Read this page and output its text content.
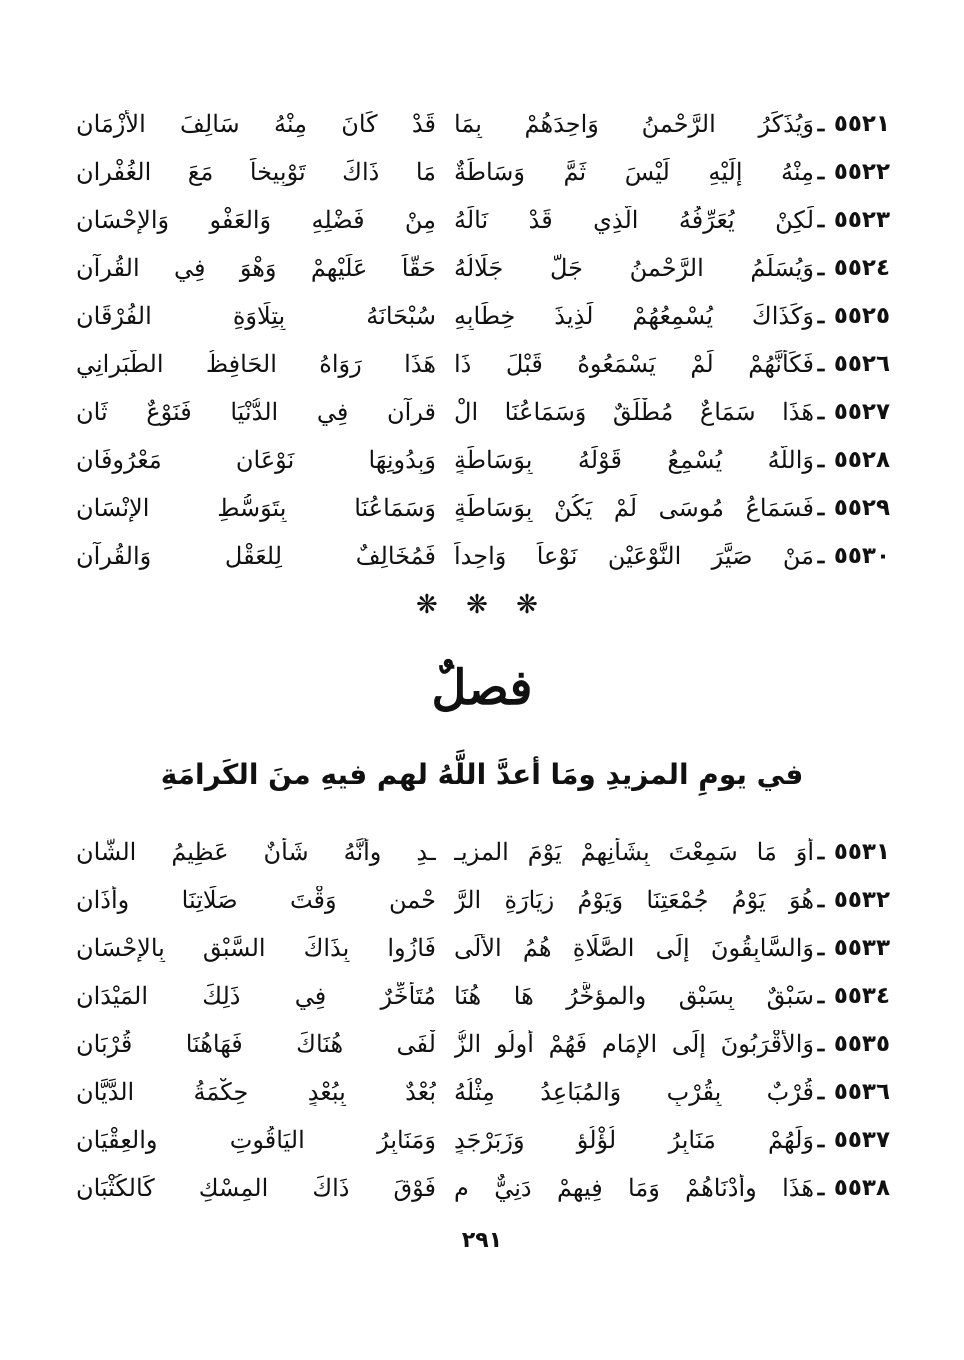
٥٥٢١
ـ
وَيُذَكِّرُ الرَّحْمنُ وَاحِدَهُمْ بِمَا
قَدْ كَانَ مِنْهُ سَالِفَ الأزْمَانِ
٥٥٢٢
ـ
مِنْهُ إِلَيْهِ لَيْسَ ثَمَّ وَسَاطَةٌ
مَا ذَاكَ تَوْبِيخاً مَعَ الغُفْرانِ
٥٥٢٣
ـ
لَكِنْ يُعَرِّفُهُ الَّذِي قَدْ نَالَهُ
مِنْ فَضْلِهِ وَالعَفْوِ وَالإحْسَانِ
٥٥٢٤
ـ
وَيُسَلِّمُ الرَّحْمنُ جَلَّ جَلَالُهُ
حَقّاً عَلَيْهِمْ وَهْوَ فِي القُرآنِ
٥٥٢٥
ـ
وَكَذَاكَ يُسْمِعُهُمْ لَذِيذَ خِطَابِهِ
سُبْحَانَهُ بِتِلَاوَةِ الفُرْقَانِ
٥٥٢٦
ـ
فَكَأَنَّهُمْ لَمْ يَسْمَعُوهُ قَبْلَ ذَا
هَذَا رَوَاهُ الحَافِظُ الطَّبَرانِي
٥٥٢٧
ـ
هَذَا سَمَاعٌ مُطْلَقٌ وَسَمَاعُنَا الْ
قرآنِ فِي الدُّنْيَا فَنَوْعٌ ثَانِ
٥٥٢٨
ـ
وَاللَّهُ يُسْمِعُ قَوْلَهُ بِوَسَاطَةٍ
وَبِدُونِهَا نَوْعَانِ مَعْرُوفَانِ
٥٥٢٩
ـ
فَسَمَاعُ مُوسَى لَمْ يَكُنْ بِوَسَاطَةٍ
وَسَمَاعُنَا بِتَوَسُّطِ الإنْسَانِ
٥٥٣٠
ـ
مَنْ صَيَّرَ النَّوْعَيْنِ نَوْعاً وَاحِداً
فَمُخَالِفٌ لِلعَقْلِ وَالقُرآنِ
❋ ❋ ❋
فصلٌ
في يومِ المزيدِ ومَا أعدَّ اللَّهُ لهم فيهِ منَ الكَرامَةِ
٥٥٣١
ـ
أَوَ مَا سَمِعْتَ بِشَأْنِهِمْ يَوْمَ المزيـ
ـدِ وأنَّهُ شَأْنٌ عَظِيمُ الشَّانِ
٥٥٣٢
ـ
هُوَ يَوْمُ جُمْعَتِنَا وَيَوْمُ زِيَارَةِ الرَّ
حْمنِ وَقْتَ صَلَاتِنَا وأذَانِ
٥٥٣٣
ـ
وَالسَّابِقُونَ إِلَى الصَّلَاةِ هُمُ الأُلَى
فَازُوا بِذَاكَ السَّبْقِ بِالإحْسَانِ
٥٥٣٤
ـ
سَبْقٌ بِسَبْقٍ والمؤخَّرُ هَا هُنَا
مُتَأَخِّرٌ فِي ذَلِكَ المَيْدَانِ
٥٥٣٥
ـ
وَالأَقْرَبُونَ إِلَى الإِمَامِ فَهُمْ أولُو الزُّ
لْفَى هُنَاكَ فَهَاهُنَا قُرْبَانِ
٥٥٣٦
ـ
قُرْبٌ بِقُرْبٍ وَالمُبَاعِدُ مِثْلُهُ
بُعْدٌ بِبُعْدٍ حِكْمَةُ الدَّيَّانِ
٥٥٣٧
ـ
وَلَهُمْ مَنَابِرُ لُؤْلُؤٍ وَزَبَرْجَدٍ
وَمَنَابِرُ اليَاقُوتِ والعِقْيَانِ
٥٥٣٨
ـ
هَذَا وأَدْنَاهُمْ وَمَا فِيهِمْ دَنِيٌّ م
فَوْقَ ذَاكَ المِسْكِ كَالكُثْبَانِ
٢٩١
